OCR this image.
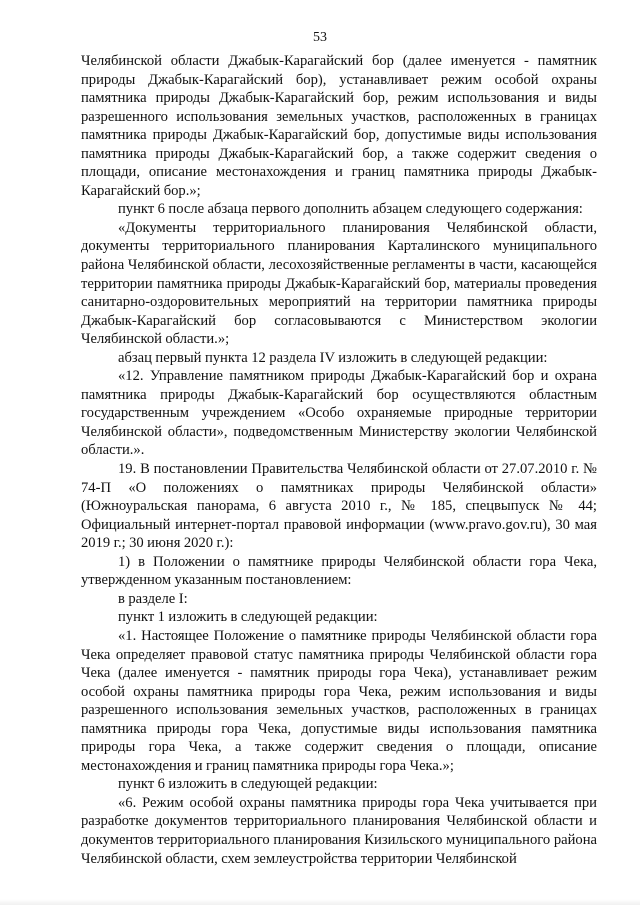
53

Челябинской области Джабык-Карагайский бор (далее именуется - памятник природы Джабык-Карагайский бор), устанавливает режим особой охраны памятника природы Джабык-Карагайский бор, режим использования и виды разрешенного использования земельных участков, расположенных в границах памятника природы Джабык-Карагайский бор, допустимые виды использования памятника природы Джабык-Карагайский бор, а также содержит сведения о площади, описание местонахождения и границ памятника природы Джабык-Карагайский бор.»;

пункт 6 после абзаца первого дополнить абзацем следующего содержания:

«Документы территориального планирования Челябинской области, документы территориального планирования Карталинского муниципального района Челябинской области, лесохозяйственные регламенты в части, касающейся территории памятника природы Джабык-Карагайский бор, материалы проведения санитарно-оздоровительных мероприятий на территории памятника природы Джабык-Карагайский бор согласовываются с Министерством экологии Челябинской области.»;

абзац первый пункта 12 раздела IV изложить в следующей редакции:

«12. Управление памятником природы Джабык-Карагайский бор и охрана памятника природы Джабык-Карагайский бор осуществляются областным государственным учреждением «Особо охраняемые природные территории Челябинской области», подведомственным Министерству экологии Челябинской области.».

19. В постановлении Правительства Челябинской области от 27.07.2010 г. № 74-П «О положениях о памятниках природы Челябинской области» (Южноуральская панорама, 6 августа 2010 г., № 185, спецвыпуск № 44; Официальный интернет-портал правовой информации (www.pravo.gov.ru), 30 мая 2019 г.; 30 июня 2020 г.):

1) в Положении о памятнике природы Челябинской области гора Чека, утвержденном указанным постановлением:

в разделе I:

пункт 1 изложить в следующей редакции:

«1. Настоящее Положение о памятнике природы Челябинской области гора Чека определяет правовой статус памятника природы Челябинской области гора Чека (далее именуется - памятник природы гора Чека), устанавливает режим особой охраны памятника природы гора Чека, режим использования и виды разрешенного использования земельных участков, расположенных в границах памятника природы гора Чека, допустимые виды использования памятника природы гора Чека, а также содержит сведения о площади, описание местонахождения и границ памятника природы гора Чека.»;

пункт 6 изложить в следующей редакции:

«6. Режим особой охраны памятника природы гора Чека учитывается при разработке документов территориального планирования Челябинской области и документов территориального планирования Кизильского муниципального района Челябинской области, схем землеустройства территории Челябинской
